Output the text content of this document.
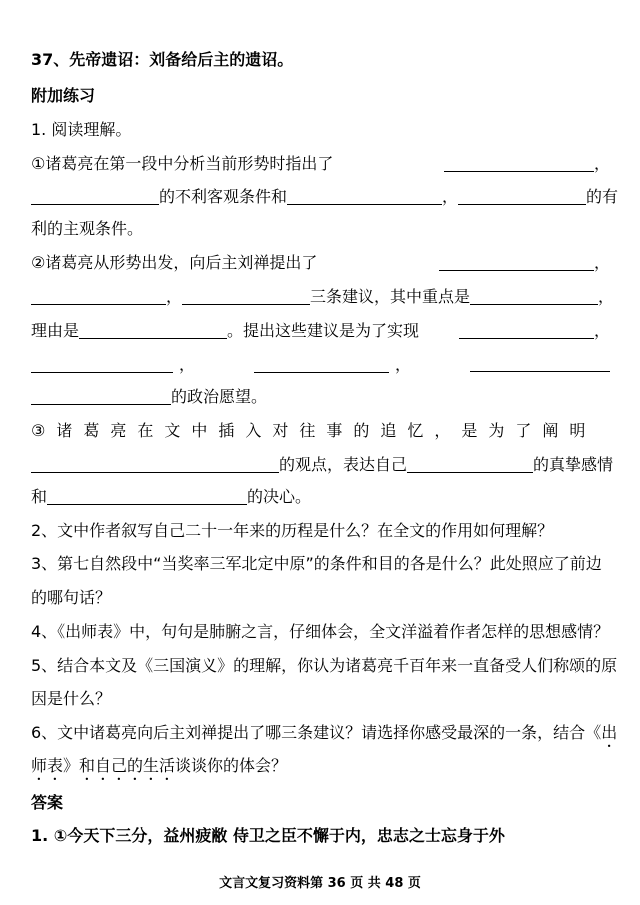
37、先帝遗诏：刘备给后主的遗诏。
附加练习
1. 阅读理解。
①诸葛亮在第一段中分析当前形势时指出了	，
的不利客观条件和	，	的有
利的主观条件。
②诸葛亮从形势出发，向后主刘禅提出了	，
，	三条建议，其中重点是	，
理由是	。提出这些建议是为了实现	，
，	，
的政治愿望。
③诸葛亮在文中插入对往事的追忆，是为了阐明
的观点，表达自己	的真挚感情
和	的决心。
2、文中作者叙写自己二十一年来的历程是什么？在全文的作用如何理解？
3、第七自然段中“当奖率三军北定中原”的条件和目的各是什么？此处照应了前边
的哪句话？
4、《出师表》中，句句是肺腑之言，仔细体会，全文洋溢着作者怎样的思想感情？
5、结合本文及《三国演义》的理解，你认为诸葛亮千百年来一直备受人们称颂的原
因是什么？
6、文中诸葛亮向后主刘禅提出了哪三条建议？请选择你感受最深的一条，结合《出
师表》和自己的生活谈谈你的体会？
答案
1. ①今天下三分，益州疲敝 侍卫之臣不懈于内，忠志之士忘身于外
文言文复习资料第 36 页 共 48 页
